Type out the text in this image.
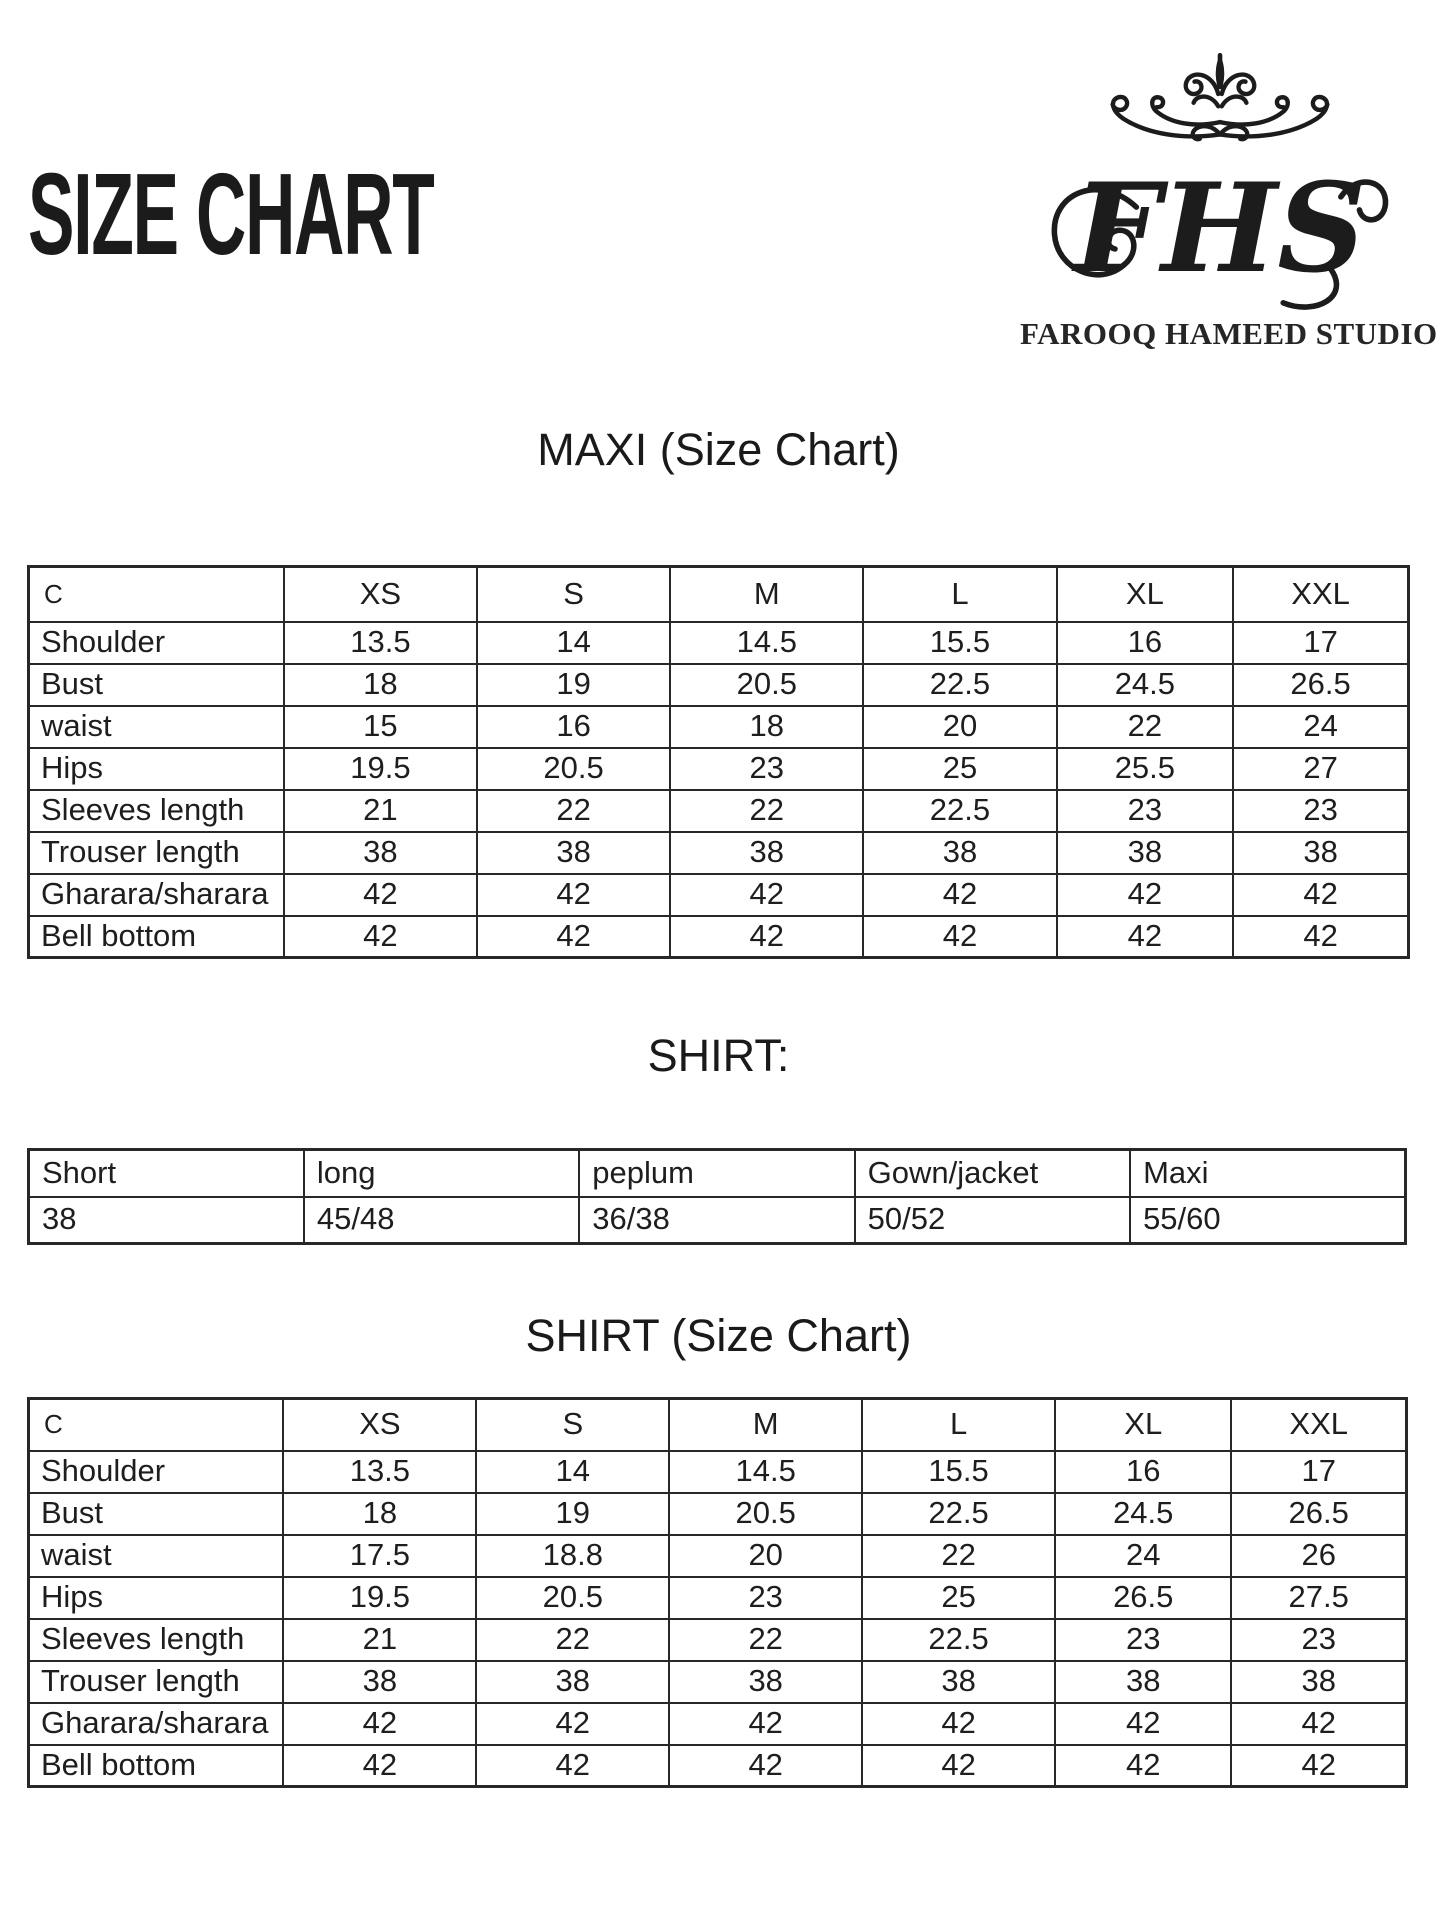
SIZE CHART	FHS
FAROOQ HAMEED STUDIO
MAXI (Size Chart)
C	XS	S	M	L	XL	XXL
Shoulder	13.5	14	14.5	15.5	16	17
Bust	18	19	20.5	22.5	24.5	26.5
waist	15	16	18	20	22	24
Hips	19.5	20.5	23	25	25.5	27
Sleeves length	21	22	22	22.5	23	23
Trouser length	38	38	38	38	38	38
Gharara/sharara	42	42	42	42	42	42
Bell bottom	42	42	42	42	42	42
SHIRT:
Short	long	peplum	Gown/jacket	Maxi
38	45/48	36/38	50/52	55/60
SHIRT (Size Chart)
C	XS	S	M	L	XL	XXL
Shoulder	13.5	14	14.5	15.5	16	17
Bust	18	19	20.5	22.5	24.5	26.5
waist	17.5	18.8	20	22	24	26
Hips	19.5	20.5	23	25	26.5	27.5
Sleeves length	21	22	22	22.5	23	23
Trouser length	38	38	38	38	38	38
Gharara/sharara	42	42	42	42	42	42
Bell bottom	42	42	42	42	42	42
